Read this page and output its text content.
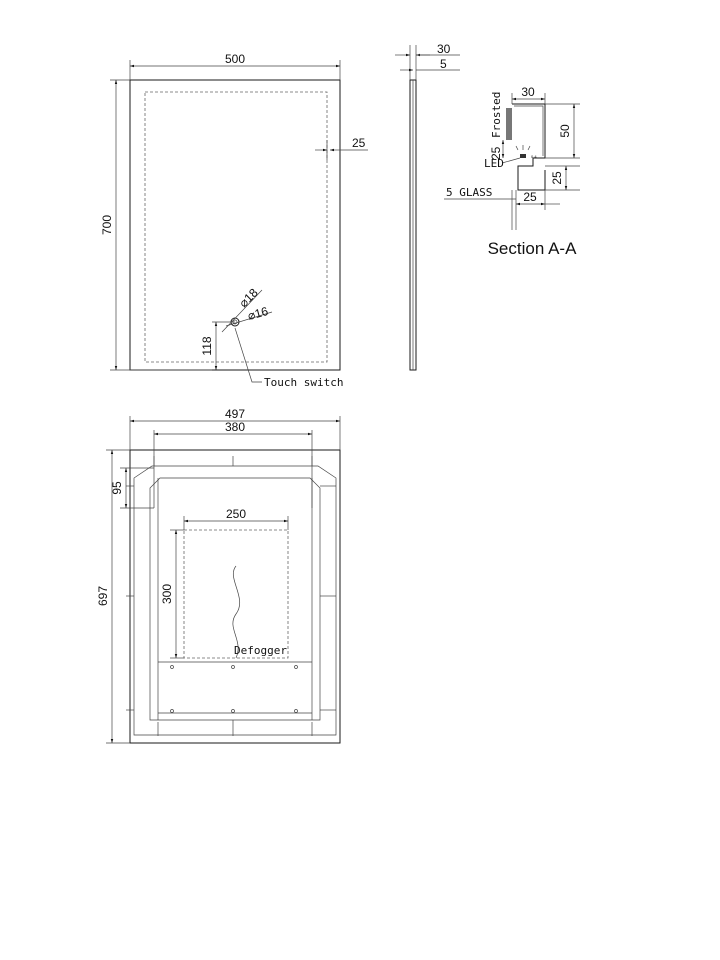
500
700
25
⌀18
⌀16
118
Touch switch
30
5
30
Frosted
25	0.4
LED
50
25
5 GLASS	25
Section A-A
Defogger
497
380
697
95
250
300
